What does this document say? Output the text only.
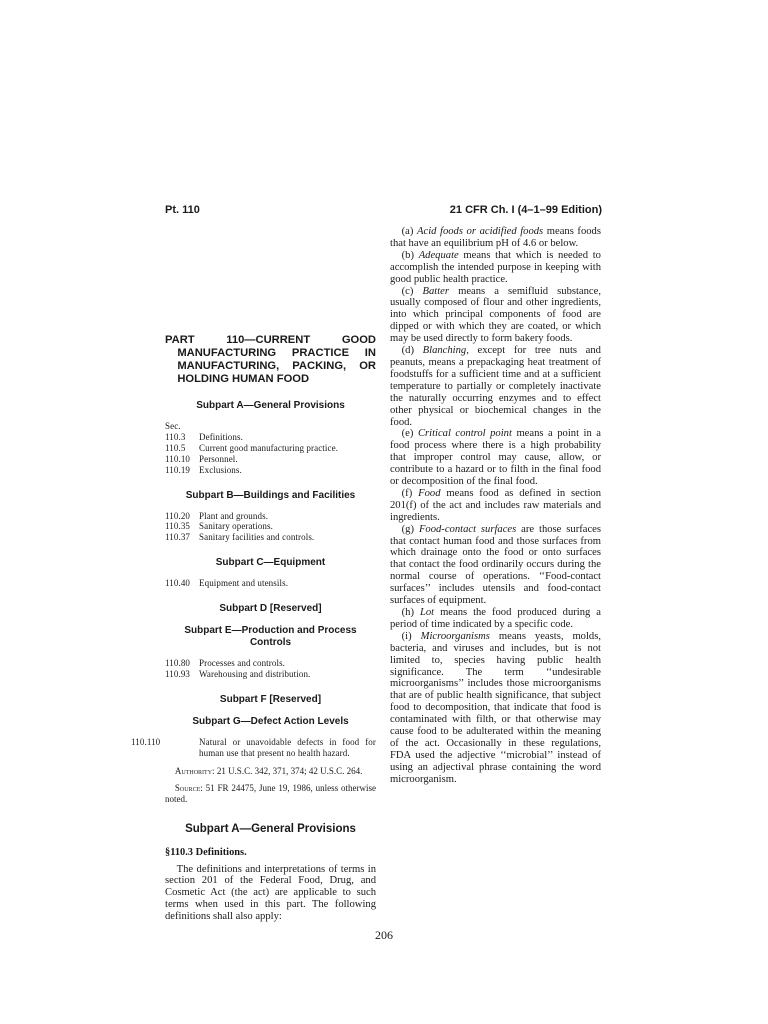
Pt. 110	21 CFR Ch. I (4–1–99 Edition)
PART 110—CURRENT GOOD MANUFACTURING PRACTICE IN MANUFACTURING, PACKING, OR HOLDING HUMAN FOOD
Subpart A—General Provisions
Sec.
110.3	Definitions.
110.5	Current good manufacturing practice.
110.10 Personnel.
110.19 Exclusions.
Subpart B—Buildings and Facilities
110.20 Plant and grounds.
110.35 Sanitary operations.
110.37 Sanitary facilities and controls.
Subpart C—Equipment
110.40 Equipment and utensils.
Subpart D [Reserved]
Subpart E—Production and Process Controls
110.80 Processes and controls.
110.93 Warehousing and distribution.
Subpart F [Reserved]
Subpart G—Defect Action Levels
110.110	Natural or unavoidable defects in food for human use that present no health hazard.
Authority: 21 U.S.C. 342, 371, 374; 42 U.S.C. 264.
Source: 51 FR 24475, June 19, 1986, unless otherwise noted.
Subpart A—General Provisions
§110.3 Definitions.

The definitions and interpretations of terms in section 201 of the Federal Food, Drug, and Cosmetic Act (the act) are applicable to such terms when used in this part. The following definitions shall also apply:

(a) Acid foods or acidified foods means foods that have an equilibrium pH of 4.6 or below.

(b) Adequate means that which is needed to accomplish the intended purpose in keeping with good public health practice.

(c) Batter means a semifluid substance, usually composed of flour and other ingredients, into which principal components of food are dipped or with which they are coated, or which may be used directly to form bakery foods.

(d) Blanching, except for tree nuts and peanuts, means a prepackaging heat treatment of foodstuffs for a sufficient time and at a sufficient temperature to partially or completely inactivate the naturally occurring enzymes and to effect other physical or biochemical changes in the food.

(e) Critical control point means a point in a food process where there is a high probability that improper control may cause, allow, or contribute to a hazard or to filth in the final food or decomposition of the final food.

(f) Food means food as defined in section 201(f) of the act and includes raw materials and ingredients.

(g) Food-contact surfaces are those surfaces that contact human food and those surfaces from which drainage onto the food or onto surfaces that contact the food ordinarily occurs during the normal course of operations. ‘‘Food-contact surfaces’’ includes utensils and food-contact surfaces of equipment.

(h) Lot means the food produced during a period of time indicated by a specific code.

(i) Microorganisms means yeasts, molds, bacteria, and viruses and includes, but is not limited to, species having public health significance. The term ‘‘undesirable microorganisms’’ includes those microorganisms that are of public health significance, that subject food to decomposition, that indicate that food is contaminated with filth, or that otherwise may cause food to be adulterated within the meaning of the act. Occasionally in these regulations, FDA used the adjective ‘‘microbial’’ instead of using an adjectival phrase containing the word microorganism.

206
